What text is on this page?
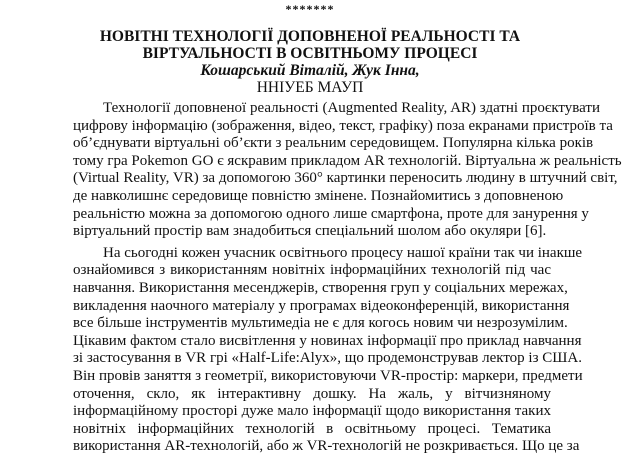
*******
НОВІТНІ ТЕХНОЛОГІЇ ДОПОВНЕНОЇ РЕАЛЬНОСТІ ТА
ВІРТУАЛЬНОСТІ В ОСВІТНЬОМУ ПРОЦЕСІ
Кошарський Віталій, Жук Інна,
ННІУЕБ МАУП
Технології доповненої реальності (Augmented Reality, AR) здатні проєктувати
цифрову інформацію (зображення, відео, текст, графіку) поза екранами пристроїв та
об’єднувати віртуальні об’єкти з реальним середовищем. Популярна кілька років
тому гра Pokemon GO є яскравим прикладом AR технологій. Віртуальна ж реальність
(Virtual Reality, VR) за допомогою 360° картинки переносить людину в штучний світ,
де навколишнє середовище повністю змінене. Познайомитись з доповненою
реальністю можна за допомогою одного лише смартфона, проте для занурення у
віртуальний простір вам знадобиться спеціальний шолом або окуляри [6].
На сьогодні кожен учасник освітнього процесу нашої країни так чи інакше
ознайомився з використанням новітніх інформаційних технологій під час
навчання. Використання месенджерів, створення груп у соціальних мережах,
викладення наочного матеріалу у програмах відеоконференцій, використання
все більше інструментів мультимедіа не є для когось новим чи незрозумілим.
Цікавим фактом стало висвітлення у новинах інформації про приклад навчання
зі застосування в VR грі «Half-Life:Alyx», що продемонстрував лектор із США.
Він провів заняття з геометрії, використовуючи VR-простір: маркери, предмети
оточення, скло, як інтерактивну дошку. На жаль, у вітчизняному
інформаційному просторі дуже мало інформації щодо використання таких
новітніх інформаційних технологій в освітньому процесі. Тематика
використання AR-технологій, або ж VR-технологій не розкривається. Що це за
